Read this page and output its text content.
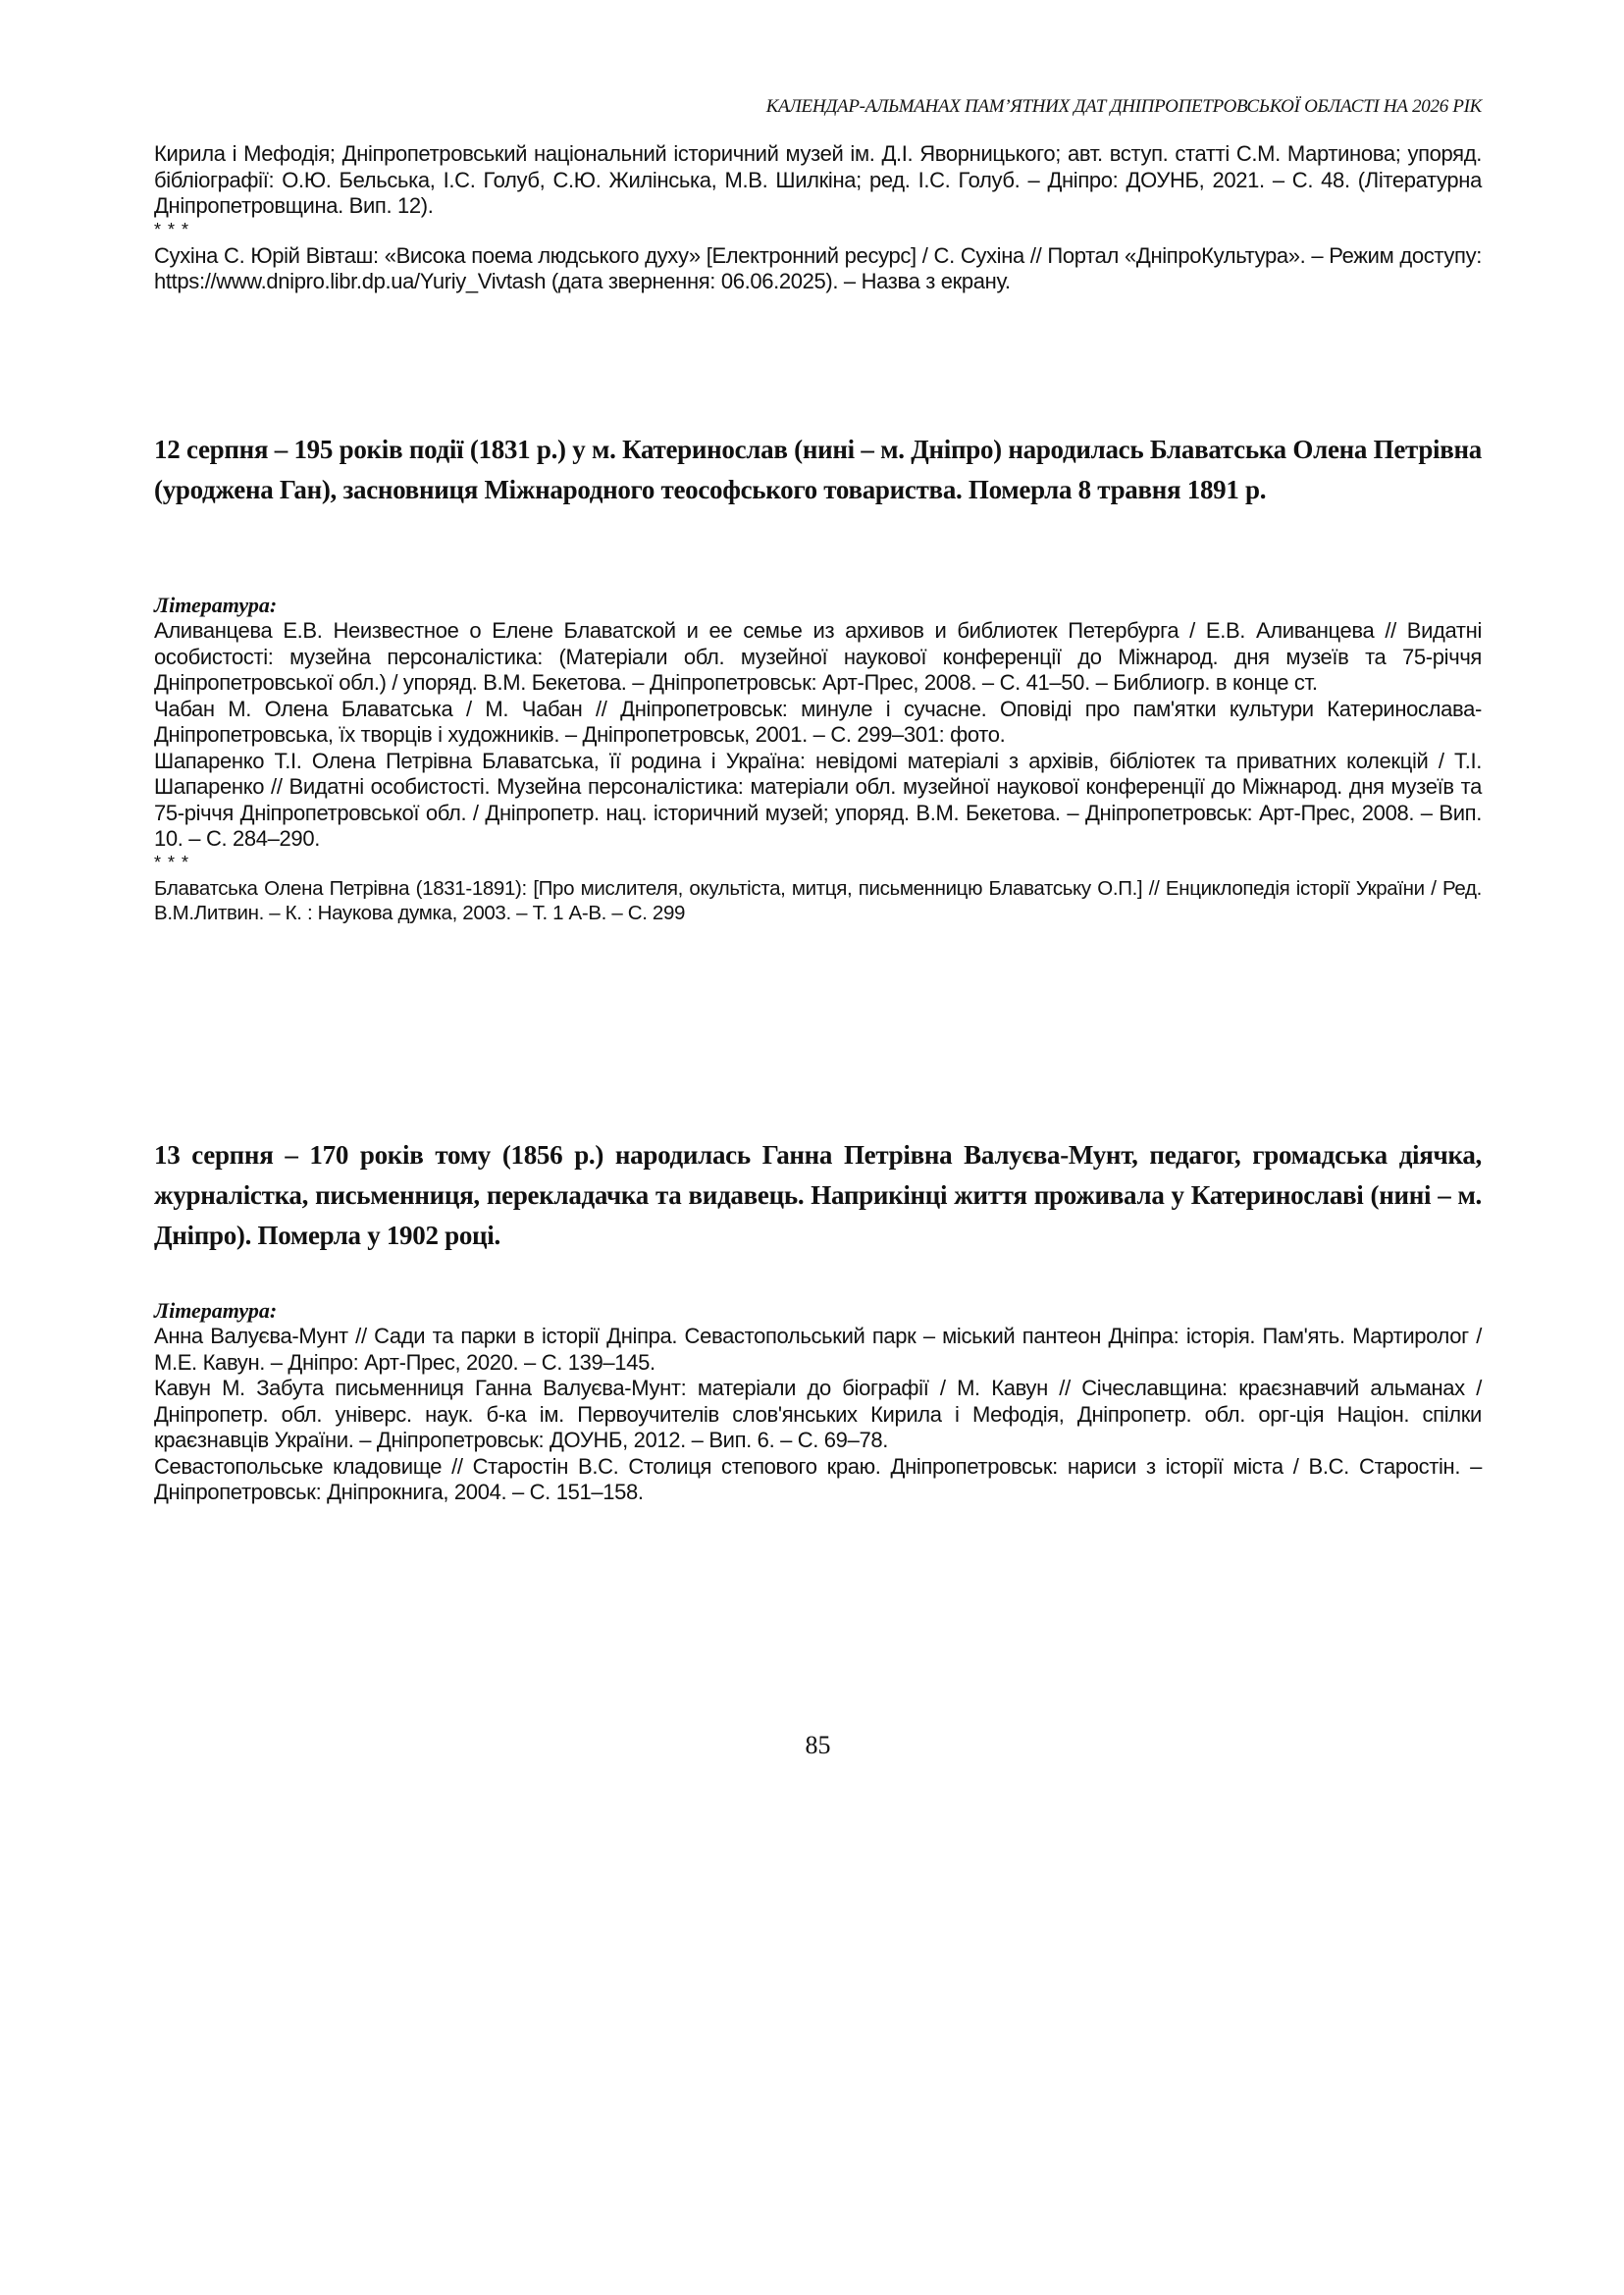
КАЛЕНДАР-АЛЬМАНАХ ПАМ’ЯТНИХ ДАТ ДНІПРОПЕТРОВСЬКОЇ ОБЛАСТІ НА 2026 РІК

Кирила і Мефодія; Дніпропетровський національний історичний музей ім. Д.І. Яворницького; авт. вступ. статті С.М. Мартинова; упоряд. бібліографії: О.Ю. Бельська, І.С. Голуб, С.Ю. Жилінська, М.В. Шилкіна; ред. І.С. Голуб. – Дніпро: ДОУНБ, 2021. – С. 48. (Літературна Дніпропетровщина. Вип. 12).

* * *

Сухіна С. Юрій Вівташ: «Висока поема людського духу» [Електронний ресурс] / С. Сухіна // Портал «ДніпроКультура». – Режим доступу: https://www.dnipro.libr.dp.ua/Yuriy_Vivtash (дата звернення: 06.06.2025). – Назва з екрану.

12 серпня – 195 років події (1831 р.) у м. Катеринослав (нині – м. Дніпро) народилась Блаватська Олена Петрівна (уроджена Ган), засновниця Міжнародного теософського товариства. Померла 8 травня 1891 р.

Література:

Аливанцева Е.В. Неизвестное о Елене Блаватской и ее семье из архивов и библиотек Петербурга / Е.В. Аливанцева // Видатні особистості: музейна персоналістика: (Матеріали обл. музейної наукової конференції до Міжнарод. дня музеїв та 75-річчя Дніпропетровської обл.) / упоряд. В.М. Бекетова. – Дніпропетровськ: Арт-Прес, 2008. – С. 41–50. – Библиогр. в конце ст.

Чабан М. Олена Блаватська / М. Чабан // Дніпропетровськ: минуле і сучасне. Оповіді про пам'ятки культури Катеринослава-Дніпропетровська, їх творців і художників. – Дніпропетровськ, 2001. – С. 299–301: фото.

Шапаренко Т.І. Олена Петрівна Блаватська, її родина і Україна: невідомі матеріалі з архівів, бібліотек та приватних колекцій / Т.І. Шапаренко // Видатні особистості. Музейна персоналістика: матеріали обл. музейної наукової конференції до Міжнарод. дня музеїв та 75-річчя Дніпропетровської обл. / Дніпропетр. нац. історичний музей; упоряд. В.М. Бекетова. – Дніпропетровськ: Арт-Прес, 2008. – Вип. 10. – С. 284–290.

* * *

Блаватська Олена Петрівна (1831-1891): [Про мислителя, окультіста, митця, письменницю Блаватську О.П.] // Енциклопедія історії України / Ред. В.М.Литвин. – К. : Наукова думка, 2003. – Т. 1 А-В. – С. 299

13 серпня – 170 років тому (1856 р.) народилась Ганна Петрівна Валуєва-Мунт, педагог, громадська діячка, журналістка, письменниця, перекладачка та видавець. Наприкінці життя проживала у Катеринославі (нині – м. Дніпро). Померла у 1902 році.

Література:

Анна Валуєва-Мунт // Сади та парки в історії Дніпра. Севастопольський парк – міський пантеон Дніпра: історія. Пам'ять. Мартиролог / М.Е. Кавун. – Дніпро: Арт-Прес, 2020. – С. 139–145.

Кавун М. Забута письменниця Ганна Валуєва-Мунт: матеріали до біографії / М. Кавун // Січеславщина: краєзнавчий альманах / Дніпропетр. обл. універс. наук. б-ка ім. Первоучителів слов'янських Кирила і Мефодія, Дніпропетр. обл. орг-ція Націон. спілки краєзнавців України. – Дніпропетровськ: ДОУНБ, 2012. – Вип. 6. – С. 69–78.

Севастопольське кладовище // Старостін В.С. Столиця степового краю. Дніпропетровськ: нариси з історії міста / В.С. Старостін. – Дніпропетровськ: Дніпрокнига, 2004. – С. 151–158.

85
